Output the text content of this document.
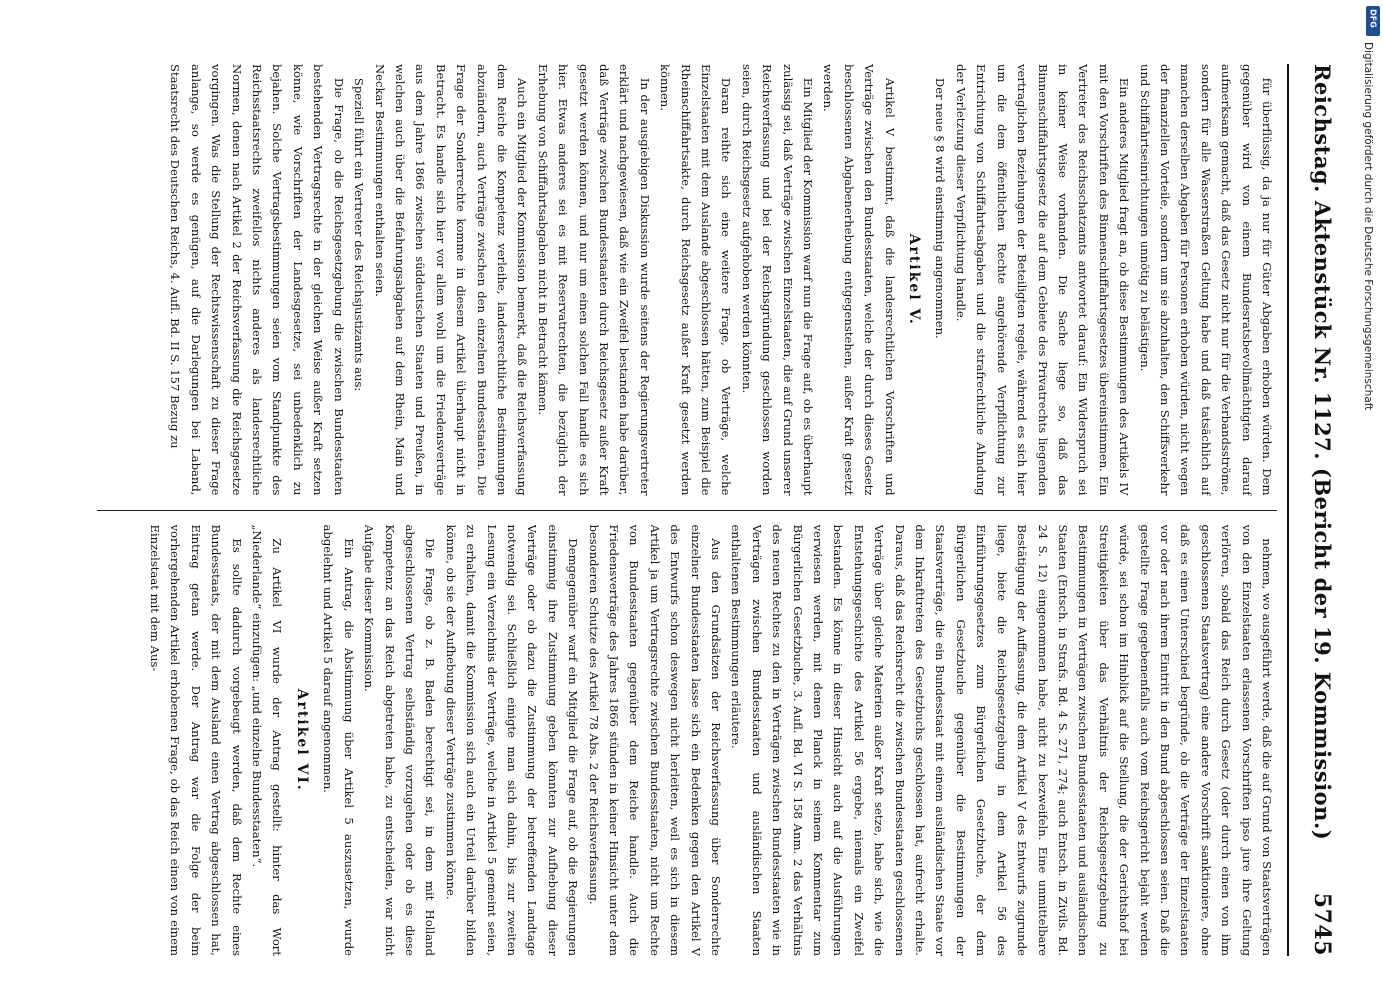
Reichstag. Aktenstück Nr. 1127. (Bericht der 19. Kommission.)
5745

für überflüssig, da ja nur für Güter Abgaben erhoben würden. Dem gegenüber wird von einem Bundesratsbevollmächtigten darauf aufmerksam gemacht, daß das Gesetz nicht nur für die Verbandsströme, sondern für alle Wasserstraßen Geltung habe und daß tatsächlich auf manchen derselben Abgaben für Personen erhoben würden, nicht wegen der finanziellen Vorteile, sondern um sie abzuhalten, den Schiffsverkehr und Schiffahrtseinrichtungen unnötig zu belästigen.

Ein anderes Mitglied fragt an, ob diese Bestimmungen des Artikels IV mit den Vorschriften des Binnenschiffahrtsgesetzes übereinstimmen. Ein Vertreter des Reichsschatzamts antwortet darauf: Ein Widerspruch sei in keiner Weise vorhanden. Die Sache liege so, daß das Binnenschiffahrtsgesetz die auf dem Gebiete des Privatrechts liegenden vertraglichen Beziehungen der Beteiligten regele, während es sich hier um die dem öffentlichen Rechte angehörende Verpflichtung zur Entrichtung von Schiffahrtsabgaben und die strafrechtliche Ahndung der Verletzung dieser Verpflichtung handle.

Der neue § 8 wird einstimmig angenommen.

Artikel V.

Artikel V bestimmt, daß die landesrechtlichen Vorschriften und Verträge zwischen den Bundesstaaten, welche der durch dieses Gesetz beschlossenen Abgabenerhebung entgegenstehen, außer Kraft gesetzt werden.

Ein Mitglied der Kommission warf nun die Frage auf, ob es überhaupt zulässig sei, daß Verträge zwischen Einzelstaaten, die auf Grund unserer Reichsverfassung und bei der Reichsgründung geschlossen worden seien, durch Reichsgesetz aufgehoben werden könnten.

Daran reihte sich eine weitere Frage, ob Verträge, welche Einzelstaaten mit dem Auslande abgeschlossen hätten, zum Beispiel die Rheinschiffahrtsakte, durch Reichsgesetz außer Kraft gesetzt werden können.

In der ausgiebigen Diskussion wurde seitens der Regierungsvertreter erklärt und nachgewiesen, daß wie ein Zweifel bestanden habe darüber, daß Verträge zwischen Bundesstaaten durch Reichsgesetz außer Kraft gesetzt werden können, und nur um einen solchen Fall handle es sich hier. Etwas anderes sei es mit Reservatrechten, die bezüglich der Erhebung von Schiffahrtsabgaben nicht in Betracht kämen.

Auch ein Mitglied der Kommission bemerkt, daß die Reichsverfassung dem Reiche die Kompetenz verleihe, landesrechtliche Bestimmungen abzuändern, auch Verträge zwischen den einzelnen Bundesstaaten. Die Frage der Sonderrechte komme in diesem Artikel überhaupt nicht in Betracht. Es handle sich hier vor allem wohl um die Friedensverträge aus dem Jahre 1866 zwischen süddeutschen Staaten und Preußen, in welchen auch über die Befahrungsabgaben auf dem Rhein, Main und Neckar Bestimmungen enthalten seien.

Speziell führt ein Vertreter des Reichsjustizamts aus:

Die Frage, ob die Reichsgesetzgebung die zwischen Bundesstaaten bestehenden Vertragsrechte in der gleichen Weise außer Kraft setzen könne, wie Vorschriften der Landesgesetze, sei unbedenklich zu bejahen. Solche Vertragsbestimmungen seien vom Standpunkte des Reichsstaatsrechts zweifellos nichts anderes als landesrechtliche Normen, denen nach Artikel 2 der Reichsverfassung die Reichsgesetze vorgingen. Was die Stellung der Rechtswissenschaft zu dieser Frage anlange, so werde es genügen, auf die Darlegungen bei Laband, Staatsrecht des Deutschen Reichs, 4. Aufl. Bd. II S. 157 Bezug zu

nehmen, wo ausgeführt werde, daß die auf Grund von Staatsverträgen von den Einzelstaaten erlassenen Vorschriften ipso jure ihre Geltung verlören, sobald das Reich durch Gesetz (oder durch einen von ihm geschlossenen Staatsvertrag) eine andere Vorschrift sanktioniere, ohne daß es einen Unterschied begründe, ob die Verträge der Einzelstaaten vor oder nach ihrem Eintritt in den Bund abgeschlossen seien. Daß die gestellte Frage gegebenenfalls auch vom Reichsgericht bejaht werden würde, sei schon im Hinblick auf die Stellung, die der Gerichtshof bei Streitigkeiten über das Verhältnis der Reichsgesetzgebung zu Bestimmungen in Verträgen zwischen Bundesstaaten und ausländischen Staaten (Entsch. in Strafs. Bd. 4 S. 271, 274; auch Entsch. in Zivils. Bd. 24 S. 12) eingenommen habe, nicht zu bezweifeln. Eine unmittelbare Bestätigung der Auffassung, die dem Artikel V des Entwurfs zugrunde liege, biete die Reichsgesetzgebung in dem Artikel 56 des Einführungsgesetzes zum Bürgerlichen Gesetzbuche, der dem Bürgerlichen Gesetzbuche gegenüber die Bestimmungen der Staatsverträge, die ein Bundesstaat mit einem ausländischen Staate vor dem Inkrafttreten des Gesetzbuchs geschlossen hat, aufrecht erhalte. Daraus, daß das Reichsrecht die zwischen Bundesstaaten geschlossenen Verträge über gleiche Materien außer Kraft setze, habe sich, wie die Entstehungsgeschichte des Artikel 56 ergebe, niemals ein Zweifel bestanden. Es könne in dieser Hinsicht auch auf die Ausführungen verwiesen werden, mit denen Planck in seinem Kommentar zum Bürgerlichen Gesetzbuche, 3. Aufl. Bd. VI S. 158 Anm. 2 das Verhältnis des neuen Rechtes zu den in Verträgen zwischen Bundesstaaten wie in Verträgen zwischen Bundesstaaten und ausländischen Staaten enthaltenen Bestimmungen erläutere.

Aus den Grundsätzen der Reichsverfassung über Sonderrechte einzelner Bundesstaaten lasse sich ein Bedenken gegen den Artikel V des Entwurfs schon deswegen nicht herleiten, weil es sich in diesem Artikel ja um Vertragsrechte zwischen Bundesstaaten, nicht um Rechte von Bundesstaaten gegenüber dem Reiche handle. Auch die Friedensverträge des Jahres 1866 stünden in keiner Hinsicht unter dem besonderen Schutze des Artikel 78 Abs. 2 der Reichsverfassung.

Demgegenüber warf ein Mitglied die Frage auf, ob die Regierungen einstimmig ihre Zustimmung geben könnten zur Aufhebung dieser Verträge oder ob dazu die Zustimmung der betreffenden Landtage notwendig sei. Schließlich einigte man sich dahin, bis zur zweiten Lesung ein Verzeichnis der Verträge, welche in Artikel 5 gemeint seien, zu erhalten, damit die Kommission sich auch ein Urteil darüber bilden könne, ob sie der Aufhebung dieser Verträge zustimmen könne.

Die Frage, ob z. B. Baden berechtigt sei, in dem mit Holland abgeschlossenen Vertrag selbständig vorzugehen oder ob es diese Kompetenz an das Reich abgetreten habe, zu entscheiden, war nicht Aufgabe dieser Kommission.

Ein Antrag, die Abstimmung über Artikel 5 auszusetzen, wurde abgelehnt und Artikel 5 darauf angenommen.

Artikel VI.

Zu Artikel VI wurde der Antrag gestellt: hinter das Wort „Niederlande“ einzufügen: „und einzelne Bundesstaaten“.

Es sollte dadurch vorgebeugt werden, daß dem Rechte eines Bundesstaats, der mit dem Ausland einen Vertrag abgeschlossen hat, Eintrag getan werde. Der Antrag war die Folge der beim vorhergehenden Artikel erhobenen Frage, ob das Reich einen von einem Einzelstaat mit dem Aus-

DFG
Digitalisierung gefördert durch die Deutsche Forschungsgemeinschaft
